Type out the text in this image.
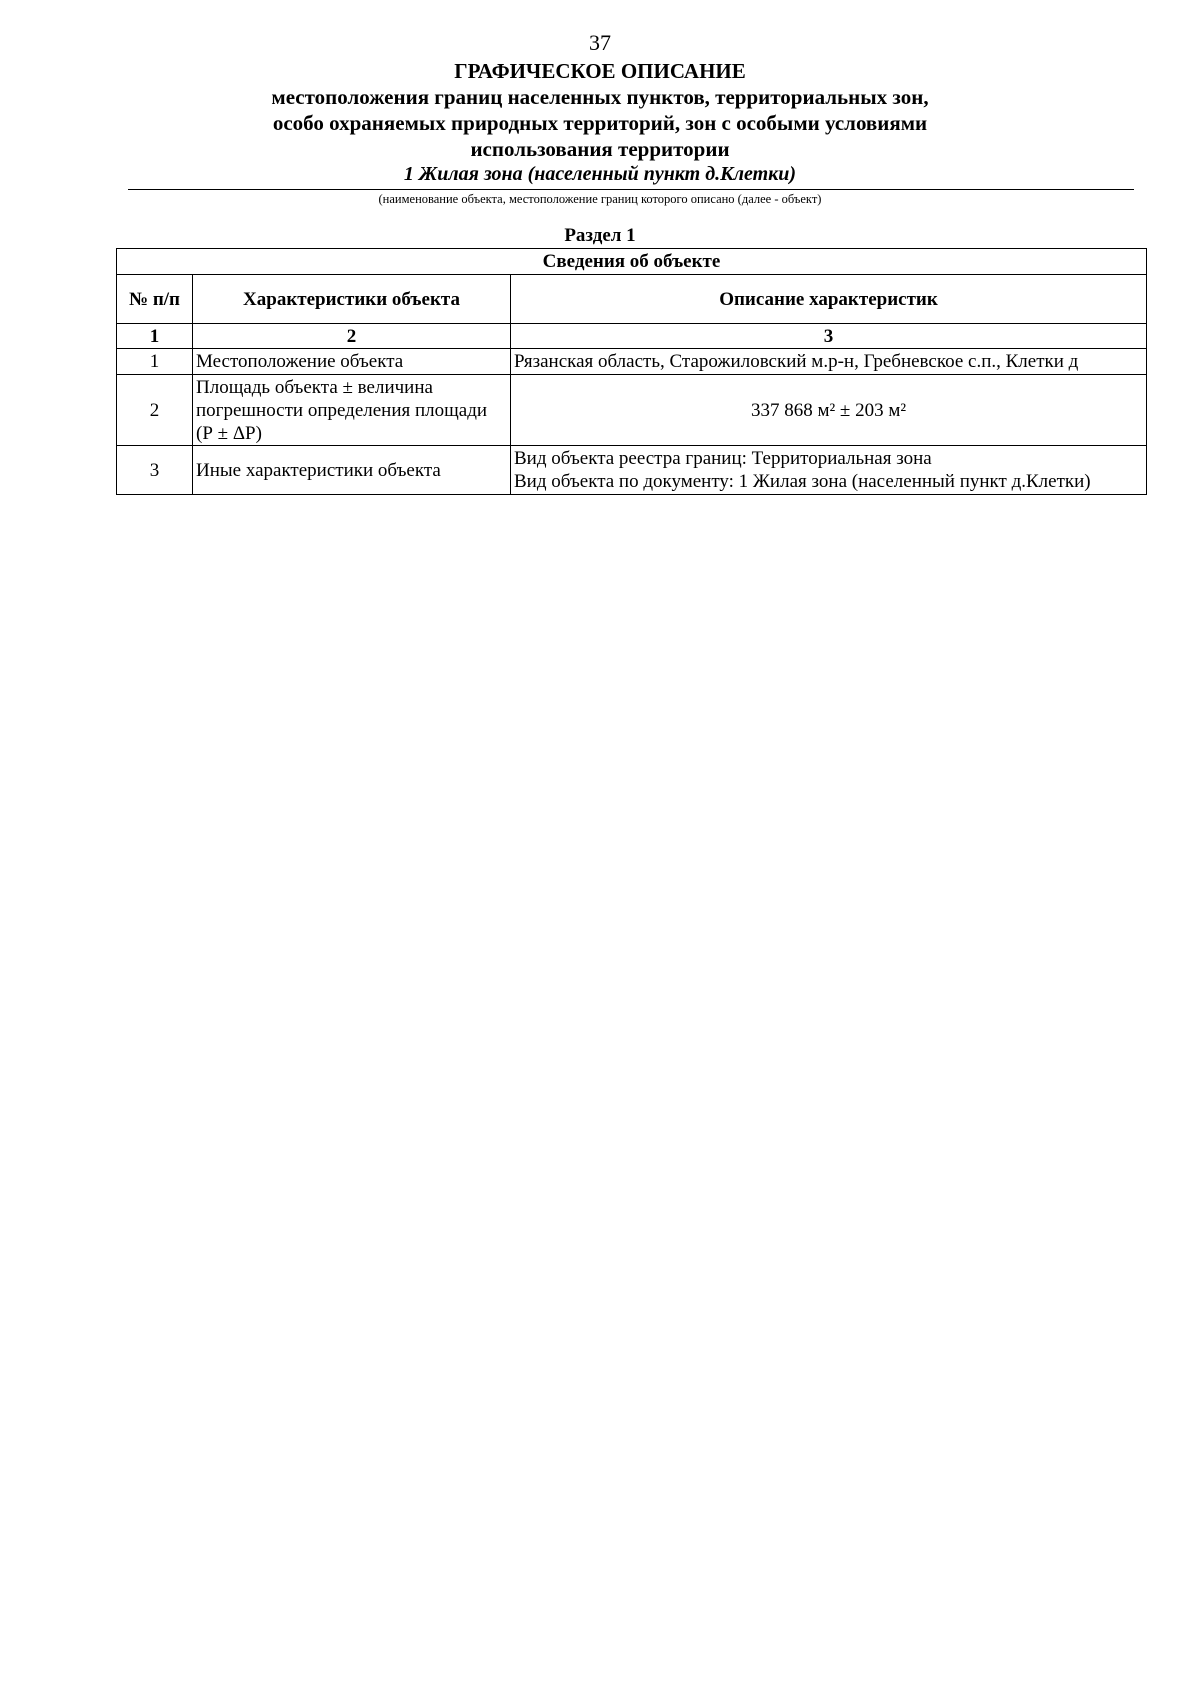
37
ГРАФИЧЕСКОЕ ОПИСАНИЕ
местоположения границ населенных пунктов, территориальных зон, особо охраняемых природных территорий, зон с особыми условиями использования территории
1 Жилая зона (населенный пункт д.Клетки)
(наименование объекта, местоположение границ которого описано (далее - объект)
Раздел 1
Сведения об объекте		
№ п/п	Характеристики объекта	Описание характеристик
1	2	3
1	Местоположение объекта	Рязанская область, Старожиловский м.р-н, Гребневское с.п., Клетки д

2	Площадь объекта ± величина погрешности определения площади (Р ± ΔР)	337 868 м² ± 203 м²

3	Иные характеристики объекта	Вид объекта реестра границ: Территориальная зона
Вид объекта по документу: 1 Жилая зона (населенный пункт д.Клетки)
